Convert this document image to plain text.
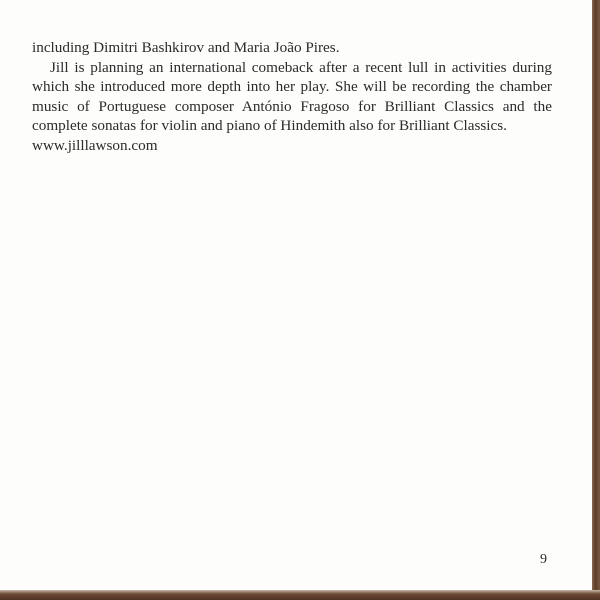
including Dimitri Bashkirov and Maria João Pires.

Jill is planning an international comeback after a recent lull in activities during which she introduced more depth into her play. She will be recording the chamber music of Portuguese composer António Fragoso for Brilliant Classics and the complete sonatas for violin and piano of Hindemith also for Brilliant Classics.

www.jilllawson.com

9
